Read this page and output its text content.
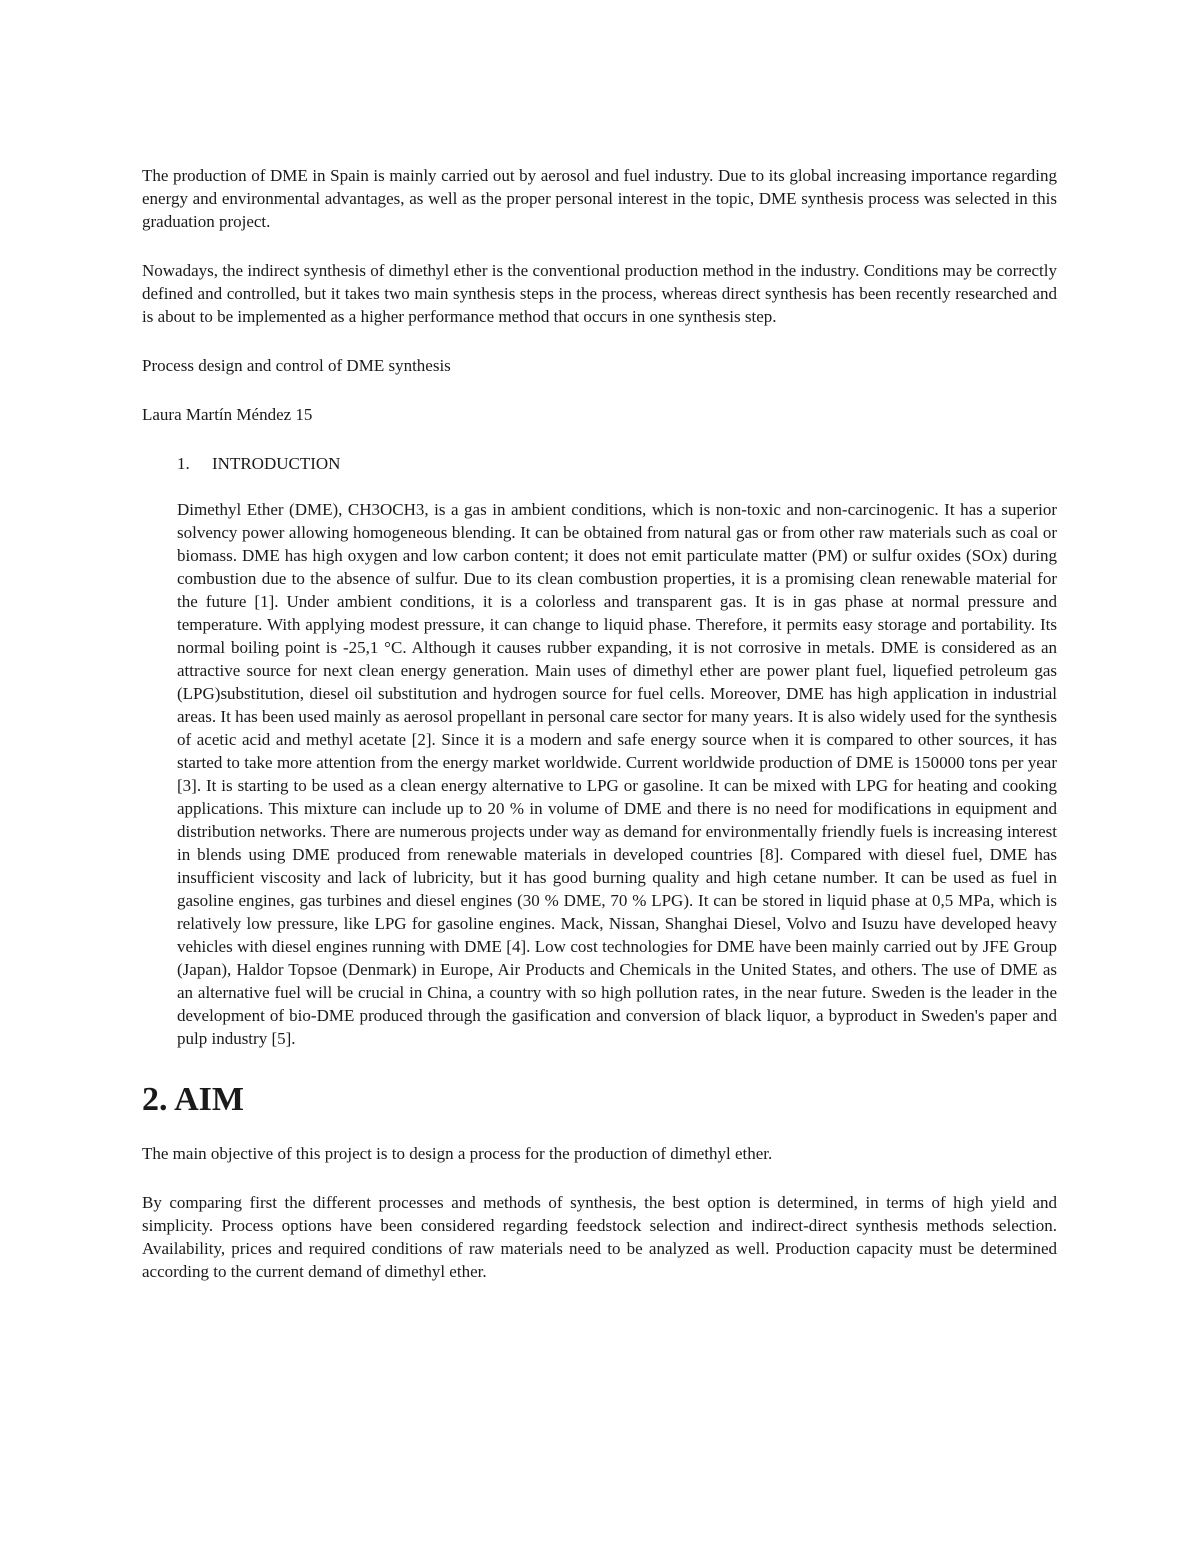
The production of DME in Spain is mainly carried out by aerosol and fuel industry. Due to its global increasing importance regarding energy and environmental advantages, as well as the proper personal interest in the topic, DME synthesis process was selected in this graduation project.

Nowadays, the indirect synthesis of dimethyl ether is the conventional production method in the industry. Conditions may be correctly defined and controlled, but it takes two main synthesis steps in the process, whereas direct synthesis has been recently researched and is about to be implemented as a higher performance method that occurs in one synthesis step.

Process design and control of DME synthesis

Laura Martín Méndez 15

1.	INTRODUCTION

Dimethyl Ether (DME), CH3OCH3, is a gas in ambient conditions, which is non-toxic and non-carcinogenic. It has a superior solvency power allowing homogeneous blending. It can be obtained from natural gas or from other raw materials such as coal or biomass. DME has high oxygen and low carbon content; it does not emit particulate matter (PM) or sulfur oxides (SOx) during combustion due to the absence of sulfur. Due to its clean combustion properties, it is a promising clean renewable material for the future [1]. Under ambient conditions, it is a colorless and transparent gas. It is in gas phase at normal pressure and temperature. With applying modest pressure, it can change to liquid phase. Therefore, it permits easy storage and portability. Its normal boiling point is -25,1 °C. Although it causes rubber expanding, it is not corrosive in metals. DME is considered as an attractive source for next clean energy generation. Main uses of dimethyl ether are power plant fuel, liquefied petroleum gas (LPG)substitution, diesel oil substitution and hydrogen source for fuel cells. Moreover, DME has high application in industrial areas. It has been used mainly as aerosol propellant in personal care sector for many years. It is also widely used for the synthesis of acetic acid and methyl acetate [2]. Since it is a modern and safe energy source when it is compared to other sources, it has started to take more attention from the energy market worldwide. Current worldwide production of DME is 150000 tons per year [3]. It is starting to be used as a clean energy alternative to LPG or gasoline. It can be mixed with LPG for heating and cooking applications. This mixture can include up to 20 % in volume of DME and there is no need for modifications in equipment and distribution networks. There are numerous projects under way as demand for environmentally friendly fuels is increasing interest in blends using DME produced from renewable materials in developed countries [8]. Compared with diesel fuel, DME has insufficient viscosity and lack of lubricity, but it has good burning quality and high cetane number. It can be used as fuel in gasoline engines, gas turbines and diesel engines (30 % DME, 70 % LPG). It can be stored in liquid phase at 0,5 MPa, which is relatively low pressure, like LPG for gasoline engines. Mack, Nissan, Shanghai Diesel, Volvo and Isuzu have developed heavy vehicles with diesel engines running with DME [4]. Low cost technologies for DME have been mainly carried out by JFE Group (Japan), Haldor Topsoe (Denmark) in Europe, Air Products and Chemicals in the United States, and others. The use of DME as an alternative fuel will be crucial in China, a country with so high pollution rates, in the near future. Sweden is the leader in the development of bio-DME produced through the gasification and conversion of black liquor, a byproduct in Sweden's paper and pulp industry [5].

2. AIM

The main objective of this project is to design a process for the production of dimethyl ether.

By comparing first the different processes and methods of synthesis, the best option is determined, in terms of high yield and simplicity. Process options have been considered regarding feedstock selection and indirect-direct synthesis methods selection. Availability, prices and required conditions of raw materials need to be analyzed as well. Production capacity must be determined according to the current demand of dimethyl ether.
